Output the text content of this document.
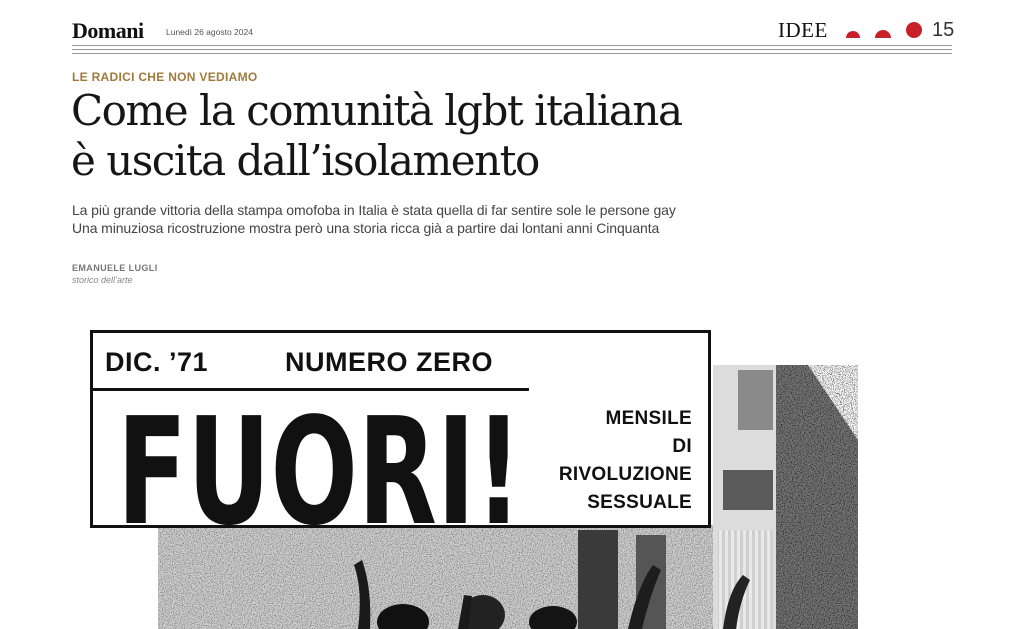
Domani	Lunedì 26 agosto 2024	IDEE	15
LE RADICI CHE NON VEDIAMO
Come la comunità lgbt italiana
è uscita dall’isolamento
La più grande vittoria della stampa omofoba in Italia è stata quella di far sentire sole le persone gay
Una minuziosa ricostruzione mostra però una storia ricca già a partire dai lontani anni Cinquanta
EMANUELE LUGLI
storico dell’arte
DIC. ’71	NUMERO ZERO
FUORI!	MENSILE
DI
RIVOLUZIONE
SESSUALE
